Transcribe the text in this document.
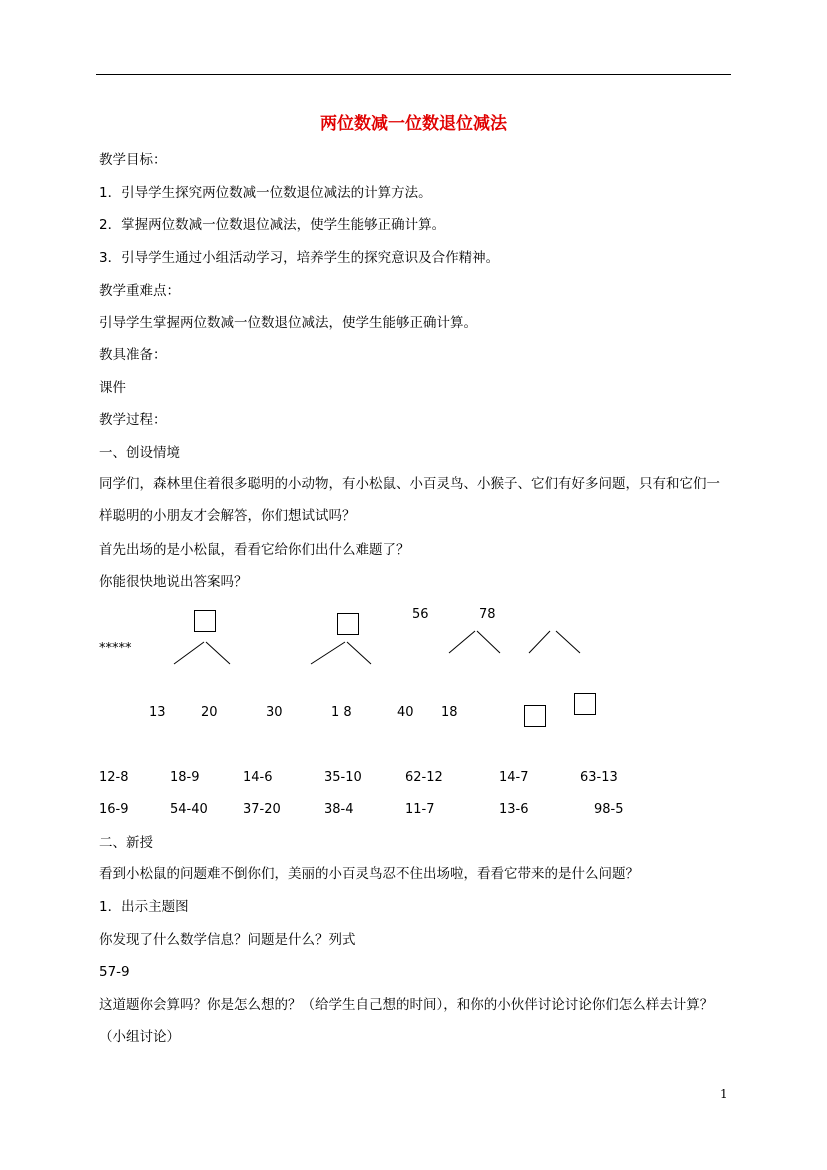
两位数减一位数退位减法
教学目标：
1．引导学生探究两位数减一位数退位减法的计算方法。
2．掌握两位数减一位数退位减法，使学生能够正确计算。
3．引导学生通过小组活动学习，培养学生的探究意识及合作精神。
教学重难点：
引导学生掌握两位数减一位数退位减法，使学生能够正确计算。
教具准备：
课件
教学过程：
一、创设情境
同学们，森林里住着很多聪明的小动物，有小松鼠、小百灵鸟、小猴子、它们有好多问题，只有和它们一样聪明的小朋友才会解答，你们想试试吗？
首先出场的是小松鼠，看看它给你们出什么难题了？
你能很快地说出答案吗？
*****
56	78
13	20	30	1 8	40 18
12-8	18-9	14-6	35-10	62-12	14-7	63-13
16-9	54-40	37-20	38-4	11-7	13-6	98-5
二、新授
看到小松鼠的问题难不倒你们，美丽的小百灵鸟忍不住出场啦，看看它带来的是什么问题？
1．出示主题图
你发现了什么数学信息？问题是什么？列式
57-9
这道题你会算吗？你是怎么想的？（给学生自己想的时间），和你的小伙伴讨论讨论你们怎么样去计算？（小组讨论）
1
